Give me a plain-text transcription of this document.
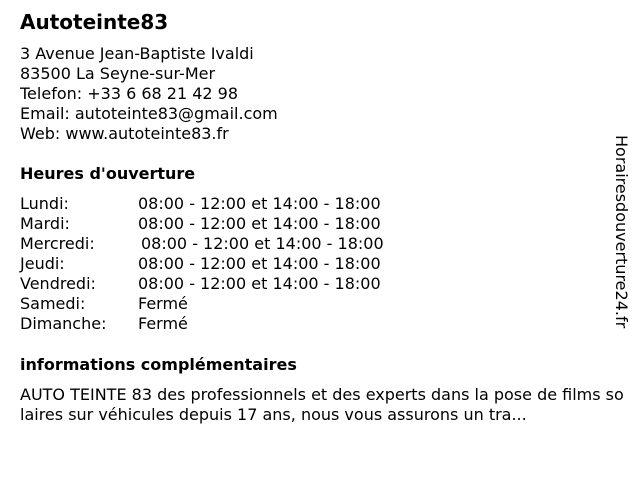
Autoteinte83
3 Avenue Jean-Baptiste Ivaldi
83500 La Seyne-sur-Mer
Telefon: +33 6 68 21 42 98
Email: autoteinte83@gmail.com
Web: www.autoteinte83.fr
Heures d'ouverture
Lundi:	08:00 - 12:00 et 14:00 - 18:00
Mardi:	08:00 - 12:00 et 14:00 - 18:00
Mercredi:	08:00 - 12:00 et 14:00 - 18:00
Jeudi:	08:00 - 12:00 et 14:00 - 18:00
Vendredi:	08:00 - 12:00 et 14:00 - 18:00
Samedi:	Fermé
Dimanche: Fermé
informations complémentaires
AUTO TEINTE 83 des professionnels et des experts dans la pose de films solaires sur véhicules depuis 17 ans, nous vous assurons un tra...
Horairesdouverture24.fr
